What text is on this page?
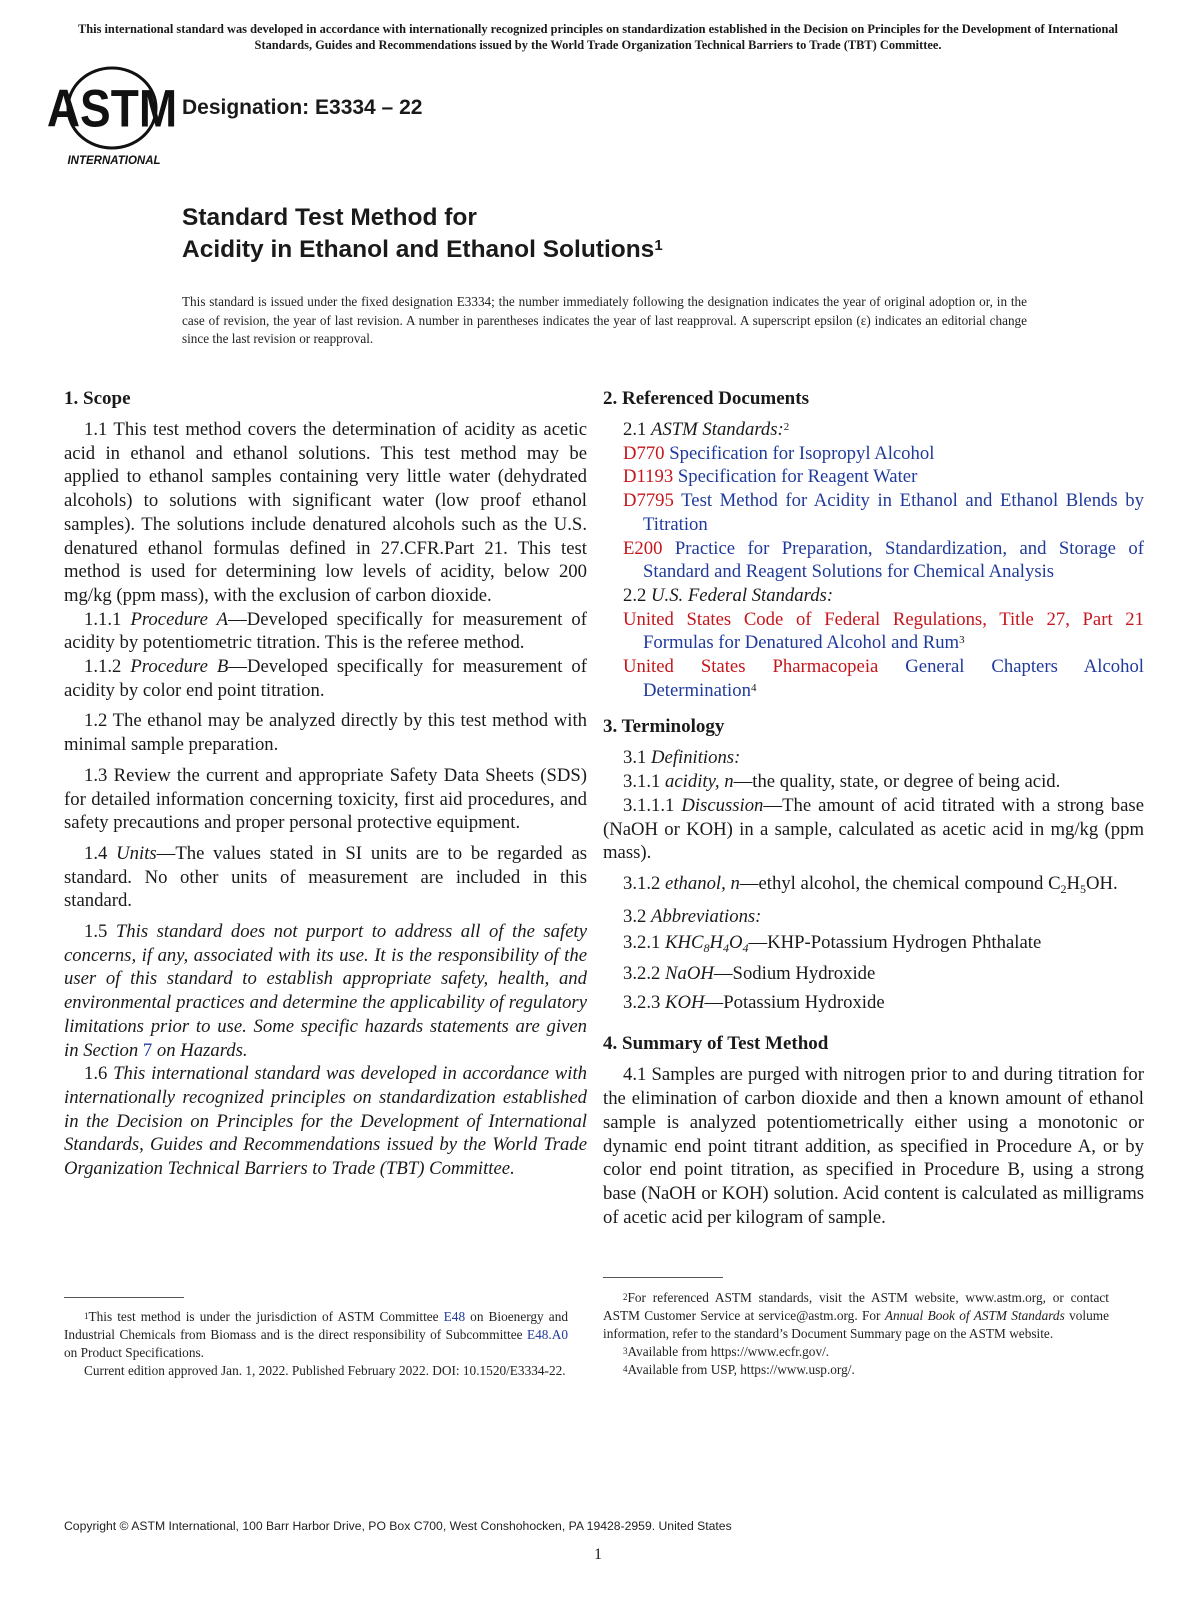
This international standard was developed in accordance with internationally recognized principles on standardization established in the Decision on Principles for the Development of International Standards, Guides and Recommendations issued by the World Trade Organization Technical Barriers to Trade (TBT) Committee.
ASTM
INTERNATIONAL
Designation: E3334 – 22
Standard Test Method for
Acidity in Ethanol and Ethanol Solutions$^1$
This standard is issued under the fixed designation E3334; the number immediately following the designation indicates the year of original adoption or, in the case of revision, the year of last revision. A number in parentheses indicates the year of last reapproval. A superscript epsilon (ε) indicates an editorial change since the last revision or reapproval.
1. Scope

1.1 This test method covers the determination of acidity as acetic acid in ethanol and ethanol solutions. This test method may be applied to ethanol samples containing very little water (dehydrated alcohols) to solutions with significant water (low proof ethanol samples). The solutions include denatured alcohols such as the U.S. denatured ethanol formulas defined in 27.CFR.Part 21. This test method is used for determining low levels of acidity, below 200 mg/kg (ppm mass), with the exclusion of carbon dioxide.

1.1.1 Procedure A—Developed specifically for measurement of acidity by potentiometric titration. This is the referee method.

1.1.2 Procedure B—Developed specifically for measurement of acidity by color end point titration.

1.2 The ethanol may be analyzed directly by this test method with minimal sample preparation.

1.3 Review the current and appropriate Safety Data Sheets (SDS) for detailed information concerning toxicity, first aid procedures, and safety precautions and proper personal protective equipment.

1.4 Units—The values stated in SI units are to be regarded as standard. No other units of measurement are included in this standard.

1.5 This standard does not purport to address all of the safety concerns, if any, associated with its use. It is the responsibility of the user of this standard to establish appropriate safety, health, and environmental practices and determine the applicability of regulatory limitations prior to use. Some specific hazards statements are given in Section 7 on Hazards.

1.6 This international standard was developed in accordance with internationally recognized principles on standardization established in the Decision on Principles for the Development of International Standards, Guides and Recommendations issued by the World Trade Organization Technical Barriers to Trade (TBT) Committee.

2. Referenced Documents
2.1 ASTM Standards:$^2$
D770 Specification for Isopropyl Alcohol
D1193 Specification for Reagent Water
D7795 Test Method for Acidity in Ethanol and Ethanol Blends by Titration
E200 Practice for Preparation, Standardization, and Storage of Standard and Reagent Solutions for Chemical Analysis
2.2 U.S. Federal Standards:
United States Code of Federal Regulations, Title 27, Part 21 Formulas for Denatured Alcohol and Rum$^3$
United States Pharmacopeia General Chapters Alcohol Determination$^4$
3. Terminology
3.1 Definitions:
3.1.1 acidity, n—the quality, state, or degree of being acid.

3.1.1.1 Discussion—The amount of acid titrated with a strong base (NaOH or KOH) in a sample, calculated as acetic acid in mg/kg (ppm mass).

3.1.2 ethanol, n—ethyl alcohol, the chemical compound $C_2H_5OH$.

3.2 Abbreviations:
3.2.1 $KHC_8H_4O_4—KHP$-Potassium Hydrogen Phthalate
3.2.2 NaOH—Sodium Hydroxide
3.2.3 KOH—Potassium Hydroxide
4. Summary of Test Method

4.1 Samples are purged with nitrogen prior to and during titration for the elimination of carbon dioxide and then a known amount of ethanol sample is analyzed potentiometrically either using a monotonic or dynamic end point titrant addition, as specified in Procedure A, or by color end point titration, as specified in Procedure B, using a strong base (NaOH or KOH) solution. Acid content is calculated as milligrams of acetic acid per kilogram of sample.

$^1$This test method is under the jurisdiction of ASTM Committee E48 on Bioenergy and Industrial Chemicals from Biomass and is the direct responsibility of Subcommittee E48.A0 on Product Specifications.

Current edition approved Jan. 1, 2022. Published February 2022. DOI: 10.1520/E3334-22.

$^2$For referenced ASTM standards, visit the ASTM website, www.astm.org, or contact ASTM Customer Service at service@astm.org. For Annual Book of ASTM Standards volume information, refer to the standard’s Document Summary page on the ASTM website.

$^3$Available from https://www.ecfr.gov/.

$^4$Available from USP, https://www.usp.org/.

Copyright © ASTM International, 100 Barr Harbor Drive, PO Box C700, West Conshohocken, PA 19428-2959. United States
1
